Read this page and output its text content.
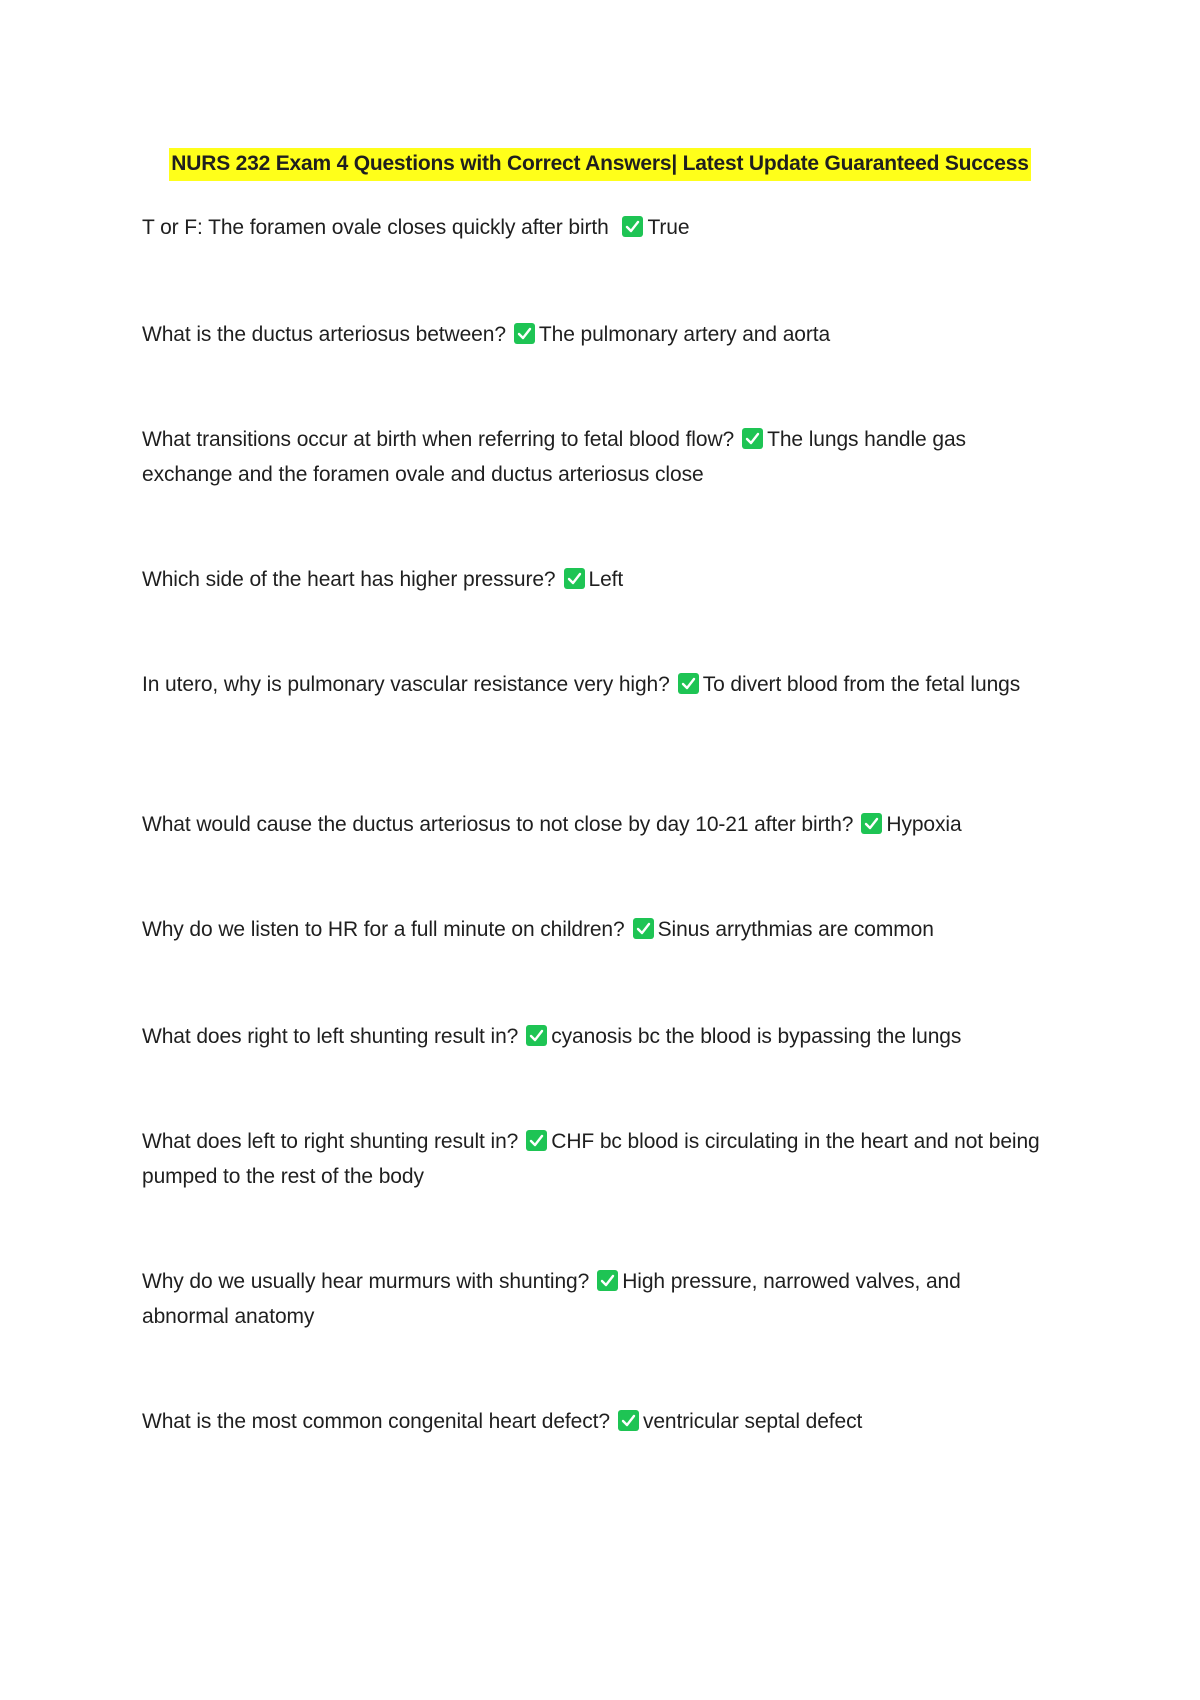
NURS 232 Exam 4 Questions with Correct Answers| Latest Update Guaranteed Success
T or F: The foramen ovale closes quickly after birth
True
What is the ductus arteriosus between? The pulmonary artery and aorta
What transitions occur at birth when referring to fetal blood flow? The lungs handle gas exchange and the foramen ovale and ductus arteriosus close
Which side of the heart has higher pressure? Left
In utero, why is pulmonary vascular resistance very high? To divert blood from the fetal lungs
What would cause the ductus arteriosus to not close by day 10-21 after birth? Hypoxia
Why do we listen to HR for a full minute on children? Sinus arrythmias are common
What does right to left shunting result in? cyanosis bc the blood is bypassing the lungs
What does left to right shunting result in? CHF bc blood is circulating in the heart and not being pumped to the rest of the body
Why do we usually hear murmurs with shunting? High pressure, narrowed valves, and abnormal anatomy
What is the most common congenital heart defect? ventricular septal defect
